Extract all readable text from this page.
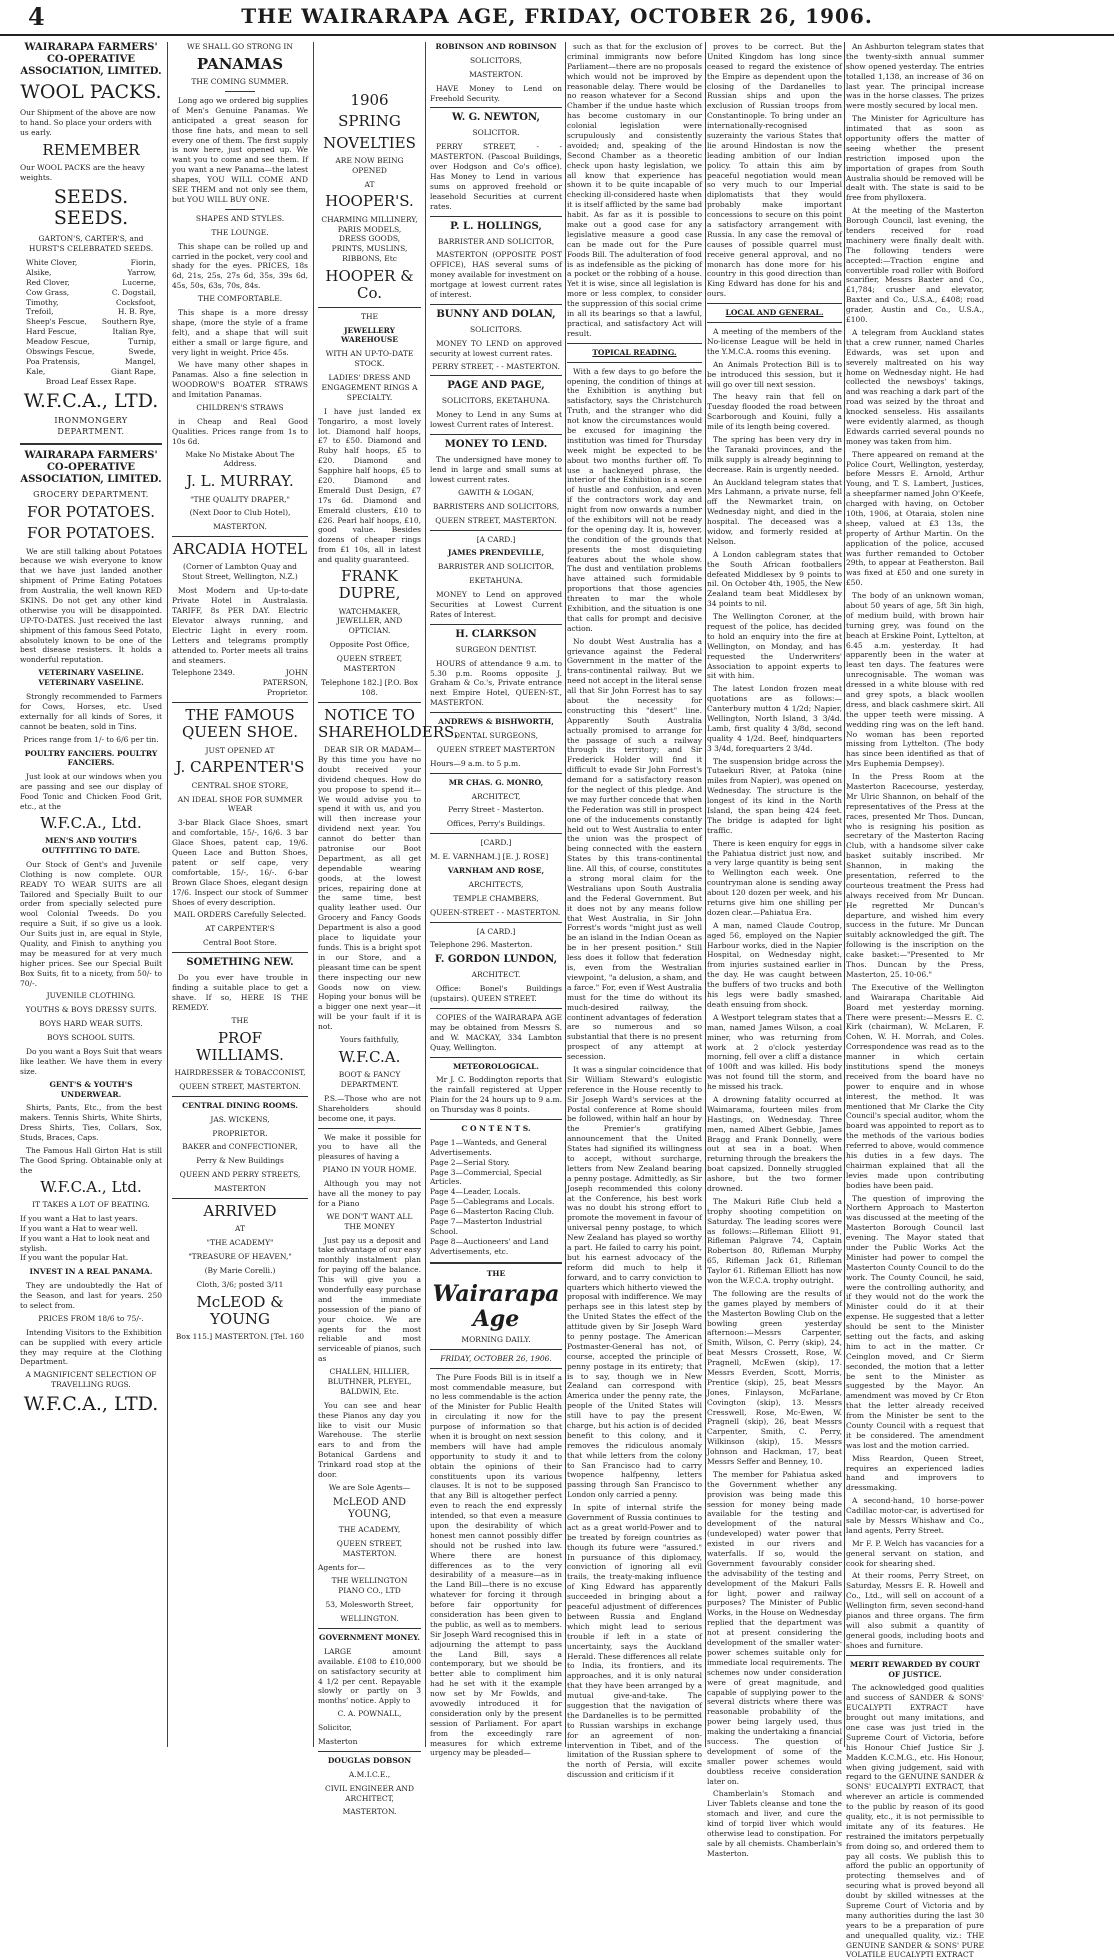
4	THE WAIRARAPA AGE, FRIDAY, OCTOBER 26, 1906.
WAIRARAPA FARMERS' CO-OPERATIVE ASSOCIATION, LIMITED.
WOOL PACKS.
Our Shipment of the above are now to hand. So place your orders with us early.
REMEMBER
Our WOOL PACKS are the heavy weights.
SEEDS. SEEDS.
GARTON'S, CARTER'S, and HURST'S CELEBRATED SEEDS.
White Clover,	Fiorin,
Alsike,	Yarrow,
Red Clover,	Lucerne,
Cow Grass,	C. Dogstail,
Timothy,	Cocksfoot,
Trefoil,	H. B. Rye,
Sheep's Fescue, Southern Rye,
Hard Fescue,	Italian Rye,
Meadow Fescue,	Turnip,
Obswings Fescue,	Swede,
Poa Pratensis,	Mangel,
Kale,	Giant Rape,
Broad Leaf Essex Rape.
W.F.C.A., LTD.
IRONMONGERY DEPARTMENT.
WAIRARAPA FARMERS' CO-OPERATIVE ASSOCIATION, LIMITED.
GROCERY DEPARTMENT.
FOR POTATOES.
FOR POTATOES.

We are still talking about Potatoes because we wish everyone to know that we have just landed another shipment of Prime Eating Potatoes from Australia, the well known RED SKINS. Do not get any other kind otherwise you will be disappointed. UP-TO-DATES. Just received the last shipment of this famous Seed Potato, absolutely known to be one of the best disease resisters. It holds a wonderful reputation.

VETERINARY VASELINE. VETERINARY VASELINE.

Strongly recommended to Farmers for Cows, Horses, etc. Used externally for all kinds of Sores, it cannot be beaten, sold in Tins.

Prices range from 1/- to 6/6 per tin.
POULTRY FANCIERS. POULTRY FANCIERS.

Just look at our windows when you are passing and see our display of Food Tonic and Chicken Food Grit, etc., at the

W.F.C.A., Ltd.
MEN'S AND YOUTH'S OUTFITTING TO DATE.

Our Stock of Gent's and Juvenile Clothing is now complete. OUR READY TO WEAR SUITS are all Tailored and Specially Built to our order from specially selected pure wool Colonial Tweeds. Do you require a Suit, if so give us a look. Our Suits just in, are equal in Style, Quality, and Finish to anything you may be measured for at very much higher prices. See our Special Built Box Suits, fit to a nicety, from 50/- to 70/-.

JUVENILE CLOTHING.
YOUTHS & BOYS DRESSY SUITS.
BOYS HARD WEAR SUITS.
BOYS SCHOOL SUITS.

Do you want a Boys Suit that wears like leather. We have them in every size.

GENT'S & YOUTH'S UNDERWEAR.

Shirts, Pants, Etc., from the best makers. Tennis Shirts, White Shirts, Dress Shirts, Ties, Collars, Sox, Studs, Braces, Caps.

The Famous Hall Girton Hat is still The Good Spring. Obtainable only at the

W.F.C.A., Ltd.
IT TAKES A LOT OF BEATING.
If you want a Hat to last years.
If you want a Hat to wear well.
If you want a Hat to look neat and stylish.
If you want the popular Hat.
INVEST IN A REAL PANAMA.

They are undoubtedly the Hat of the Season, and last for years. 250 to select from.

PRICES FROM 18/6 to 75/-.

Intending Visitors to the Exhibition can be supplied with every article they may require at the Clothing Department.

A MAGNIFICENT SELECTION OF TRAVELLING RUGS.
W.F.C.A., LTD.
WE SHALL GO STRONG IN
PANAMAS
THE COMING SUMMER.

Long ago we ordered big supplies of Men's Genuine Panamas. We anticipated a great season for those fine hats, and mean to sell every one of them. The first supply is now here, just opened up. We want you to come and see them. If you want a new Panama—the latest shapes, YOU WILL COME AND SEE THEM and not only see them, but YOU WILL BUY ONE.

SHAPES AND STYLES.
THE LOUNGE.

This shape can be rolled up and carried in the pocket, very cool and shady for the eyes. PRICES, 18s 6d, 21s, 25s, 27s 6d, 35s, 39s 6d, 45s, 50s, 63s, 70s, 84s.

THE COMFORTABLE.

This shape is a more dressy shape, (more the style of a frame felt), and a shape that will suit either a small or large figure, and very light in weight. Price 45s.

We have many other shapes in Panamas. Also a fine selection in WOODROW'S BOATER STRAWS and Imitation Panamas.

CHILDREN'S STRAWS

in Cheap and Real Good Qualities. Prices range from 1s to 10s 6d.

Make No Mistake About The Address.
J. L. MURRAY.
"THE QUALITY DRAPER,"
(Next Door to Club Hotel),
MASTERTON.
ARCADIA HOTEL
(Corner of Lambton Quay and Stout Street, Wellington, N.Z.)

Most Modern and Up-to-date Private Hotel in Australasia. TARIFF, 8s PER DAY. Electric Elevator always running, and Electric Light in every room. Letters and telegrams promptly attended to. Porter meets all trains and steamers.

Telephone 2349.	JOHN PATERSON, Proprietor.
THE FAMOUS QUEEN SHOE.
JUST OPENED AT
J. CARPENTER'S
CENTRAL SHOE STORE,
AN IDEAL SHOE FOR SUMMER WEAR

3-bar Black Glace Shoes, smart and comfortable, 15/-, 16/6. 3 bar Glace Shoes, patent cap, 19/6. Queen Lace and Button Shoes, patent or self cape, very comfortable, 15/-, 16/-. 6-bar Brown Glace Shoes, elegant design 17/6. Inspect our stock of Summer Shoes of every description.

MAIL ORDERS Carefully Selected.
AT CARPENTER'S
Central Boot Store.
SOMETHING NEW.

Do you ever have trouble in finding a suitable place to get a shave. If so, HERE IS THE REMEDY.

THE
PROF WILLIAMS.
HAIRDRESSER & TOBACCONIST,
QUEEN STREET, MASTERTON.
CENTRAL DINING ROOMS.
JAS. WICKENS,
PROPRIETOR.
BAKER and CONFECTIONER,
Perry & New Buildings
QUEEN AND PERRY STREETS,
MASTERTON
ARRIVED
AT
"THE ACADEMY"
"TREASURE OF HEAVEN,"
(By Marie Corelli.)
Cloth, 3/6; posted 3/11
McLEOD & YOUNG
Box 115.] MASTERTON. [Tel. 160
1906
SPRING
NOVELTIES
ARE NOW BEING OPENED
AT
HOOPER'S.
CHARMING MILLINERY,
PARIS MODELS,
DRESS GOODS,
PRINTS, MUSLINS,
RIBBONS, Etc
HOOPER & Co.
THE
JEWELLERY WAREHOUSE
WITH AN UP-TO-DATE STOCK.
LADIES' DRESS AND ENGAGEMENT RINGS A SPECIALTY.

I have just landed ex Tongariro, a most lovely lot. Diamond half hoops, £7 to £50. Diamond and Ruby half hoops, £5 to £20. Diamond and Sapphire half hoops, £5 to £20. Diamond and Emerald Dust Design, £7 17s 6d. Diamond and Emerald clusters, £10 to £26. Pearl half hoops, £10, good value. Besides dozens of cheaper rings from £1 10s, all in latest and quality guaranteed.

FRANK DUPRE,
WATCHMAKER, JEWELLER, AND OPTICIAN.
Opposite Post Office,
QUEEN STREET, MASTERTON
Telephone 182.] [P.O. Box 108.
NOTICE TO SHAREHOLDERS.

DEAR SIR OR MADAM— By this time you have no doubt received your dividend cheques. How do you propose to spend it—We would advise you to spend it with us, and you will then increase your dividend next year. You cannot do better than patronise our Boot Department, as all get dependable wearing goods, at the lowest prices, repairing done at the same time, best quality leather used. Our Grocery and Fancy Goods Department is also a good place to liquidate your funds. This is a bright spot in our Store, and a pleasant time can be spent there inspecting our new Goods now on view. Hoping your bonus will be a bigger one next year—it will be your fault if it is not.

Yours faithfully,
W.F.C.A.
BOOT & FANCY DEPARTMENT.

P.S.—Those who are not Shareholders should become one, it pays.

We make it possible for you to have all the pleasures of having a

PIANO IN YOUR HOME.

Although you may not have all the money to pay for a Piano

WE DON'T WANT ALL THE MONEY

Just pay us a deposit and take advantage of our easy monthly instalment plan for paying off the balance. This will give you a wonderfully easy purchase and the immediate possession of the piano of your choice. We are agents for the most reliable and most serviceable of pianos, such as

CHALLEN, HILLIER, BLUTHNER, PLEYEL, BALDWIN, Etc.

You can see and hear these Pianos any day you like to visit our Music Warehouse. The sterlie ears to and from the Botanical Gardens and Trinkard road stop at the door.

We are Sole Agents—
McLEOD AND YOUNG,
THE ACADEMY,
QUEEN STREET, MASTERTON.
Agents for—
THE WELLINGTON PIANO CO., LTD
53, Molesworth Street,
WELLINGTON.
GOVERNMENT MONEY.

LARGE amount available. £108 to £10,000 on satisfactory security at 4 1/2 per cent. Repayable slowly or partly on 3 months' notice. Apply to

C. A. POWNALL,
Solicitor,
Masterton
DOUGLAS DOBSON
A.M.I.C.E.,
CIVIL ENGINEER AND ARCHITECT,
MASTERTON.
ROBINSON AND ROBINSON
SOLICITORS,
MASTERTON.

HAVE Money to Lend on Freehold Security.

W. G. NEWTON,
SOLICITOR.

PERRY STREET, - - MASTERTON. (Pascoal Buildings, over Hodgson and Co's office). Has Money to Lend in various sums on approved freehold or leasehold Securities at current rates.

P. L. HOLLINGS,
BARRISTER AND SOLICITOR,

MASTERTON (OPPOSITE POST OFFICE), HAS several sums of money available for investment on mortgage at lowest current rates of interest.

BUNNY AND DOLAN,
SOLICITORS.

MONEY TO LEND on approved security at lowest current rates.

PERRY STREET, - - MASTERTON.
PAGE AND PAGE,
SOLICITORS, EKETAHUNA.

Money to Lend in any Sums at lowest Current rates of Interest.

MONEY TO LEND.

The undersigned have money to lend in large and small sums at lowest current rates.

GAWITH & LOGAN,
BARRISTERS AND SOLICITORS,
QUEEN STREET, MASTERTON.
[A CARD.]
JAMES PRENDEVILLE,
BARRISTER AND SOLICITOR,
EKETAHUNA.

MONEY to Lend on approved Securities at Lowest Current Rates of Interest.

H. CLARKSON
SURGEON DENTIST.

HOURS of attendance 9 a.m. to 5.30 p.m. Rooms opposite J. Graham & Co.'s, Private entrance next Empire Hotel, QUEEN-ST., MASTERTON.

ANDREWS & BISHWORTH,
DENTAL SURGEONS,
QUEEN STREET MASTERTON
Hours—9 a.m. to 5 p.m.
MR CHAS. G. MONRO,
ARCHITECT,
Perry Street - Masterton.
Offices, Perry's Buildings.
[CARD.]
M. E. VARNHAM.] [E. J. ROSE]
VARNHAM AND ROSE,
ARCHITECTS,
TEMPLE CHAMBERS,
QUEEN-STREET - - MASTERTON.
[A CARD.]
Telephone 296. Masterton.
F. GORDON LUNDON,
ARCHITECT.

Office: Bonel's Buildings (upstairs). QUEEN STREET.

COPIES of the WAIRARAPA AGE may be obtained from Messrs S. and W. MACKAY, 334 Lambton Quay, Wellington.

METEOROLOGICAL.

Mr J. C. Boddington reports that the rainfall registered at Upper Plain for the 24 hours up to 9 a.m. on Thursday was 8 points.

C O N T E N T S.
Page 1—Wanteds, and General Advertisements.
Page 2—Serial Story.
Page 3—Commercial, Special Articles.
Page 4—Leader, Locals.
Page 5—Cablegrams and Locals.
Page 6—Masterton Racing Club.
Page 7—Masterton Industrial School.
Page 8—Auctioneers' and Land Advertisements, etc.
THE
Wairarapa Age
MORNING DAILY.
FRIDAY, OCTOBER 26, 1906.

The Pure Foods Bill is in itself a most commendable measure, but no less commendable is the action of the Minister for Public Health in circulating it now for the purpose of information so that when it is brought on next session members will have had ample opportunity to study it and to obtain the opinions of their constituents upon its various clauses. It is not to be supposed that any Bill is altogether perfect even to reach the end expressly intended, so that even a measure upon the desirability of which honest men cannot possibly differ should not be rushed into law. Where there are honest differences as to the very desirability of a measure—as in the Land Bill—there is no excuse whatever for forcing it through before fair opportunity for consideration has been given to the public, as well as to members. Sir Joseph Ward recognised this in adjourning the attempt to pass the Land Bill, says a contemporary, but we should be better able to compliment him had he set with it the example now set by Mr Fowlds, and avowedly introduced it for consideration only by the present session of Parliament. For apart from the exceedingly rare measures for which extreme urgency may be pleaded—

such as that for the exclusion of criminal immigrants now before Parliament—there are no proposals which would not be improved by reasonable delay. There would be no reason whatever for a Second Chamber if the undue haste which has become customary in our colonial legislation were scrupulously and consistently avoided; and, speaking of the Second Chamber as a theoretic check upon hasty legislation, we all know that experience has shown it to be quite incapable of checking ill-considered haste when it is itself afflicted by the same bad habit. As far as it is possible to make out a good case for any legislative measure a good case can be made out for the Pure Foods Bill. The adulteration of food is as indefensible as the picking of a pocket or the robbing of a house. Yet it is wise, since all legislation is more or less complex, to consider the suppression of this social crime in all its bearings so that a lawful, practical, and satisfactory Act will result.

TOPICAL READING.

With a few days to go before the opening, the condition of things at the Exhibition is anything but satisfactory, says the Christchurch Truth, and the stranger who did not know the circumstances would be excused for imagining the institution was timed for Thursday week might be expected to be about two months further off. To use a hackneyed phrase, the interior of the Exhibition is a scene of hustle and confusion, and even if the contractors work day and night from now onwards a number of the exhibitors will not be ready for the opening day. It is, however, the condition of the grounds that presents the most disquieting features about the whole show. The dust and ventilation problems have attained such formidable proportions that those agencies threaten to mar the whole Exhibition, and the situation is one that calls for prompt and decisive action.

No doubt West Australia has a grievance against the Federal Government in the matter of the trans-continental railway. But we need not accept in the literal sense all that Sir John Forrest has to say about the necessity for constructing this "desert" line. Apparently South Australia actually promised to arrange for the passage of such a railway through its territory; and Sir Frederick Holder will find it difficult to evade Sir John Forrest's demand for a satisfactory reason for the neglect of this pledge. And we may further concede that when the Federation was still in prospect one of the inducements constantly held out to West Australia to enter the union was the prospect of being connected with the eastern States by this trans-continental line. All this, of course, constitutes a strong moral claim for the Westralians upon South Australia and the Federal Government. But it does not by any means follow that West Australia, in Sir John Forrest's words "might just as well be an island in the Indian Ocean as be in her present position." Still less does it follow that federation is, even from the Westralian viewpoint, "a delusion, a sham, and a farce." For, even if West Australia must for the time do without its much-desired railway, the continent advantages of federation are so numerous and so substantial that there is no present prospect of any attempt at secession.

It was a singular coincidence that Sir William Steward's eulogistic reference in the House recently to Sir Joseph Ward's services at the Postal conference at Rome should be followed, within half an hour by the Premier's gratifying announcement that the United States had signified its willingness to accept, without surcharge, letters from New Zealand bearing a penny postage. Admittedly, as Sir Joseph recommended this colony at the Conference, his best work was no doubt his strong effort to promote the movement in favour of universal penny postage, to which New Zealand has played so worthy a part. He failed to carry his point, but his earnest advocacy of the reform did much to help it forward, and to carry conviction to quarters which hitherto viewed the proposal with indifference. We may perhaps see in this latest step by the United States the effect of the attitude given by Sir Joseph Ward to penny postage. The American Postmaster-General has not, of course, accepted the principle of penny postage in its entirety; that is to say, though we in New Zealand can correspond with America under the penny rate, the people of the United States will still have to pay the present charge, but his action is of decided benefit to this colony, and it removes the ridiculous anomaly that while letters from the colony to San Francisco had to carry twopence halfpenny, letters passing through San Francisco to London only carried a penny.

In spite of internal strife the Government of Russia continues to act as a great world-Power and to be treated by foreign countries as though its future were "assured." In pursuance of this diplomacy, conviction of ignoring all evil trails, the treaty-making influence of King Edward has apparently succeeded in bringing about a peaceful adjustment of differences between Russia and England which might lead to serious trouble if left in a state of uncertainty, says the Auckland Herald. These differences all relate to India, its frontiers, and its approaches, and it is only natural that they have been arranged by a mutual give-and-take. The suggestion that the navigation of the Dardanelles is to be permitted to Russian warships in exchange for an agreement of non-intervention in Tibet, and of the limitation of the Russian sphere to the north of Persia, will excite discussion and criticism if it

proves to be correct. But the United Kingdom has long since ceased to regard the existence of the Empire as dependent upon the closing of the Dardanelles to Russian ships and upon the exclusion of Russian troops from Constantinople. To bring under an internationally-recognised suzerainty the various States that lie around Hindostan is now the leading ambition of our Indian policy. To attain this aim by peaceful negotiation would mean so very much to our Imperial diplomatists that they would probably make important concessions to secure on this point a satisfactory arrangement with Russia. In any case the removal of causes of possible quarrel must receive general approval, and no monarch has done more for his country in this good direction than King Edward has done for his and ours.

LOCAL AND GENERAL.

A meeting of the members of the No-license League will be held in the Y.M.C.A. rooms this evening.

An Animals Protection Bill is to be introduced this session, but it will go over till next session.

The heavy rain that fell on Tuesday flooded the road between Scarborough and Kouini, fully a mile of its length being covered.

The spring has been very dry in the Taranaki provinces, and the milk supply is already beginning to decrease. Rain is urgently needed.

An Auckland telegram states that Mrs Lahmann, a private nurse, fell off the Newmarket train, on Wednesday night, and died in the hospital. The deceased was a widow, and formerly resided at Nelson.

A London cablegram states that the South African footballers defeated Middlesex by 9 points to nil. On October 4th, 1905, the New Zealand team beat Middlesex by 34 points to nil.

The Wellington Coroner, at the request of the police, has decided to hold an enquiry into the fire at Wellington, on Monday, and has requested the Underwriters' Association to appoint experts to sit with him.

The latest London frozen meat quotations are as follows:—Canterbury mutton 4 1/2d; Napier, Wellington, North Island, 3 3/4d. Lamb, first quality 4 3/8d, second quality 4 1/2d. Beef, hindquarters 3 3/4d, forequarters 2 3/4d.

The suspension bridge across the Tutaekuri River, at Patoka (nine miles from Napier), was opened on Wednesday. The structure is the longest of its kind in the North Island, the span being 424 feet. The bridge is adapted for light traffic.

There is keen enquiry for eggs in the Pahiatua district just now, and a very large quantity is being sent to Wellington each week. One countryman alone is sending away about 120 dozen per week, and his returns give him one shilling per dozen clear.—Pahiatua Era.

A man, named Claude Coutrop, aged 56, employed on the Napier Harbour works, died in the Napier Hospital, on Wednesday night, from injuries sustained earlier in the day. He was caught between the buffers of two trucks and both his legs were badly smashed, death ensuing from shock.

A Westport telegram states that a man, named James Wilson, a coal miner, who was returning from work at 2 o'clock yesterday morning, fell over a cliff a distance of 100ft and was killed. His body was not found till the storm, and he missed his track.

A drowning fatality occurred at Waimarama, fourteen miles from Hastings, on Wednesday. Three men, named Albert Gebbie, James Bragg and Frank Donnelly, were out at sea in a boat. When returning through the breakers the boat capsized. Donnelly struggled ashore, but the two former drowned.

The Makuri Rifle Club held a trophy shooting competition on Saturday. The leading scores were as follows:—Rifleman Elliott 91, Rifleman Palgrave 74, Captain Robertson 80, Rifleman Murphy 65, Rifleman Jack 61, Rifleman Taylor 61. Rifleman Elliott has now won the W.F.C.A. trophy outright.

The following are the results of the games played by members of the Masterton Bowling Club on the bowling green yesterday afternoon:—Messrs Carpenter, Smith, Wilson, C. Perry (skip), 24, beat Messrs Crossett, Rose, W. Pragnell, McEwen (skip), 17. Messrs Everden, Scott, Morris, Prentice (skip), 25, beat Messrs Jones, Finlayson, McFarlane, Covington (skip), 13. Messrs Cresswell, Rose, Mc-Ewen, W. Pragnell (skip), 26, beat Messrs Carpenter, Smith, C. Perry, Wilkinson (skip), 15. Messrs Johnson and Hackman, 17, beat Messrs Seffer and Benney, 10.

The member for Pahiatua asked the Government whether any provision was being made this session for money being made available for the testing and development of the natural (undeveloped) water power that existed in our rivers and waterfalls. If so, would the Government favourably consider the advisability of the testing and development of the Makuri Falls for light, power and railway purposes? The Minister of Public Works, in the House on Wednesday replied that the department was not at present considering the development of the smaller water-power schemes suitable only for immediate local requirements. The schemes now under consideration were of great magnitude, and capable of supplying power to the several districts where there was reasonable probability of the power being largely used, thus making the undertaking a financial success. The question of development of some of the smaller power schemes would doubtless receive consideration later on.

Chamberlain's Stomach and Liver Tablets cleanse and tone the stomach and liver, and cure the kind of torpid liver which would otherwise lead to constipation. For sale by all chemists. Chamberlain's Masterton.

An Ashburton telegram states that the twenty-sixth annual summer show opened yesterday. The entries totalled 1,138, an increase of 36 on last year. The principal increase was in the horse classes. The prizes were mostly secured by local men.

The Minister for Agriculture has intimated that as soon as opportunity offers the matter of seeing whether the present restriction imposed upon the importation of grapes from South Australia should be removed will be dealt with. The state is said to be free from phylloxera.

At the meeting of the Masterton Borough Council, last evening, the tenders received for road machinery were finally dealt with. The following tenders were accepted:—Traction engine and convertible road roller with Boiford scarifier, Messrs Baxter and Co., £1,784; crusher and elevator, Baxter and Co., U.S.A., £408; road grader, Austin and Co., U.S.A., £100.

A telegram from Auckland states that a crew runner, named Charles Edwards, was set upon and severely maltreated on his way home on Wednesday night. He had collected the newsboys' takings, and was reaching a dark part of the road was seized by the throat and knocked senseless. His assailants were evidently alarmed, as though Edwards carried several pounds no money was taken from him.

There appeared on remand at the Police Court, Wellington, yesterday, before Messrs E. Arnold, Arthur Young, and T. S. Lambert, Justices, a sheepfarmer named John O'Keefe, charged with having, on October 10th, 1906, at Otaraia, stolen nine sheep, valued at £3 13s, the property of Arthur Martin. On the application of the police, accused was further remanded to October 29th, to appear at Featherston. Bail was fixed at £50 and one surety in £50.

The body of an unknown woman, about 50 years of age, 5ft 3in high, of medium build, with brown hair turning grey, was found on the beach at Erskine Point, Lyttelton, at 6.45 a.m. yesterday. It had apparently been in the water at least ten days. The features were unrecognisable. The woman was dressed in a white blouse with red and grey spots, a black woollen dress, and black cashmere skirt. All the upper teeth were missing. A wedding ring was on the left hand. No woman has been reported missing from Lyttelton. (The body has since been identified as that of Mrs Euphemia Dempsey).

In the Press Room at the Masterton Racecourse, yesterday, Mr Ulric Shannon, on behalf of the representatives of the Press at the races, presented Mr Thos. Duncan, who is resigning his position as secretary of the Masterton Racing Club, with a handsome silver cake basket suitably inscribed. Mr Shannon, in making the presentation, referred to the courteous treatment the Press had always received from Mr Duncan. He regretted Mr Duncan's departure, and wished him every success in the future. Mr Duncan suitably acknowledged the gift. The following is the inscription on the cake basket:—"Presented to Mr Thos. Duncan by the Press, Masterton, 25. 10-06."

The Executive of the Wellington and Wairarapa Charitable Aid Board met yesterday morning. There were present:—Messrs E. C. Kirk (chairman), W. McLaren, F. Cohen, W. H. Morrah, and Coles. Correspondence was read as to the manner in which certain institutions spend the moneys received from the board have no power to enquire and in whose interest, the method. It was mentioned that Mr Clarke the City Council's special auditor, whom the board was appointed to report as to the methods of the various bodies referred to above, would commence his duties in a few days. The chairman explained that all the levies made upon contributing bodies have been paid.

The question of improving the Northern Approach to Masterton was discussed at the meeting of the Masterton Borough Council last evening. The Mayor stated that under the Public Works Act the Minister had power to compel the Masterton County Council to do the work. The County Council, he said, were the controlling authority, and if they would not do the work the Minister could do it at their expense. He suggested that a letter should be sent to the Minister setting out the facts, and asking him to act in the matter. Cr Ceinglon moved, and Cr Sierm seconded, the motion that a letter be sent to the Minister as suggested by the Mayor. An amendment was moved by Cr Eton that the letter already received from the Minister be sent to the County Council with a request that it be considered. The amendment was lost and the motion carried.

Miss Reardon, Queen Street, requires an experienced ladies hand and improvers to dressmaking.

A second-hand, 10 horse-power Cadillac motor-car, is advertised for sale by Messrs Whishaw and Co., land agents, Perry Street.

Mr F. P. Welch has vacancies for a general servant on station, and cook for shearing shed.

At their rooms, Perry Street, on Saturday, Messrs E. R. Howell and Co., Ltd., will sell on account of a Wellington firm, seven second-hand pianos and three organs. The firm will also submit a quantity of general goods, including boots and shoes and furniture.

MERIT REWARDED BY COURT OF JUSTICE.

The acknowledged good qualities and success of SANDER & SONS' EUCALYPTI EXTRACT have brought out many imitations, and one case was just tried in the Supreme Court of Victoria, before his Honour Chief Justice Sir J. Madden K.C.M.G., etc. His Honour, when giving judgement, said with regard to the GENUINE SANDER & SONS' EUCALYPTI EXTRACT, that wherever an article is commended to the public by reason of its good quality, etc., it is not permissible to imitate any of its features. He restrained the imitators perpetually from doing so, and ordered them to pay all costs. We publish this to afford the public an opportunity of protecting themselves and of securing what is proved beyond all doubt by skilled witnesses at the Supreme Court of Victoria and by many authorities during the last 30 years to be a preparation of pure and unequalled quality, viz.: THE GENUINE SANDER & SONS' PURE VOLATILE EUCALYPTI EXTRACT
